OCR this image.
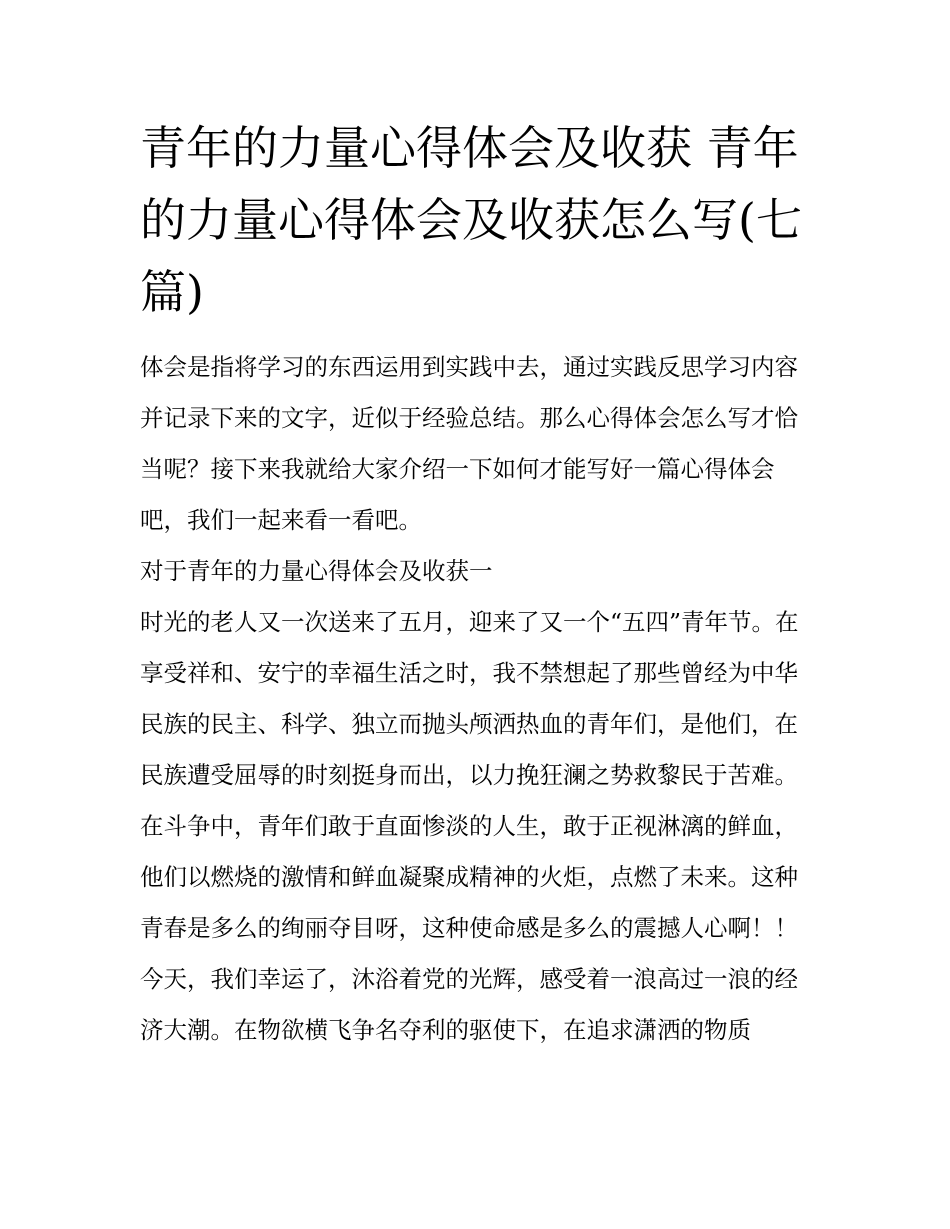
青年的力量心得体会及收获 青年的力量心得体会及收获怎么写(七篇)

体会是指将学习的东西运用到实践中去，通过实践反思学习内容并记录下来的文字，近似于经验总结。那么心得体会怎么写才恰当呢？接下来我就给大家介绍一下如何才能写好一篇心得体会吧，我们一起来看一看吧。

对于青年的力量心得体会及收获一

时光的老人又一次送来了五月，迎来了又一个“五四”青年节。在享受祥和、安宁的幸福生活之时，我不禁想起了那些曾经为中华民族的民主、科学、独立而抛头颅洒热血的青年们，是他们，在民族遭受屈辱的时刻挺身而出，以力挽狂澜之势救黎民于苦难。在斗争中，青年们敢于直面惨淡的人生，敢于正视淋漓的鲜血，他们以燃烧的激情和鲜血凝聚成精神的火炬，点燃了未来。这种青春是多么的绚丽夺目呀，这种使命感是多么的震撼人心啊！！

今天，我们幸运了，沐浴着党的光辉，感受着一浪高过一浪的经济大潮。在物欲横飞争名夺利的驱使下，在追求潇洒的物质
